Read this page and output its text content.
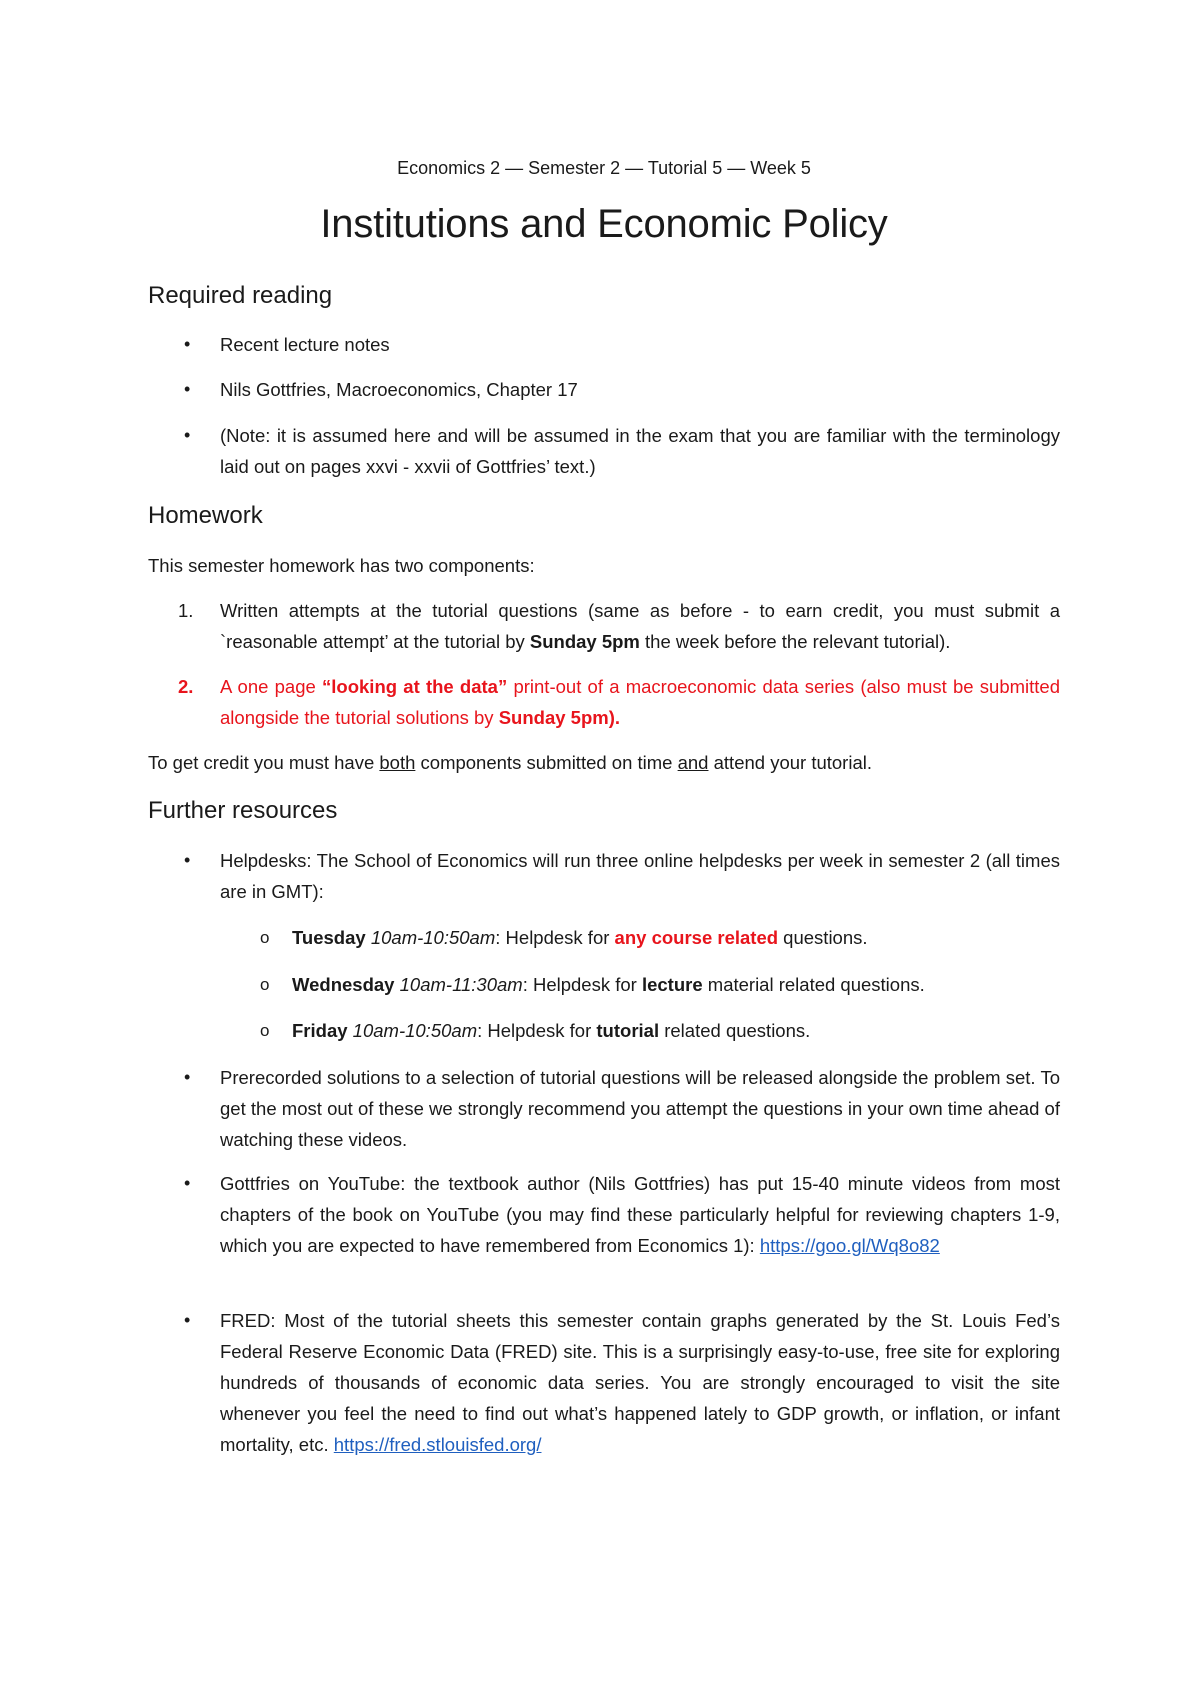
Economics 2 — Semester 2 — Tutorial 5 — Week 5
Institutions and Economic Policy
Required reading
• Recent lecture notes
• Nils Gottfries, Macroeconomics, Chapter 17
• (Note: it is assumed here and will be assumed in the exam that you are familiar with the terminology laid out on pages xxvi - xxvii of Gottfries’ text.)
Homework
This semester homework has two components:
1. Written attempts at the tutorial questions (same as before - to earn credit, you must submit a `reasonable attempt’ at the tutorial by Sunday 5pm the week before the relevant tutorial).
2. A one page “looking at the data” print-out of a macroeconomic data series (also must be submitted alongside the tutorial solutions by Sunday 5pm).
To get credit you must have both components submitted on time and attend your tutorial.
Further resources
• Helpdesks: The School of Economics will run three online helpdesks per week in semester 2 (all times are in GMT):
o Tuesday 10am-10:50am: Helpdesk for any course related questions.
o Wednesday 10am-11:30am: Helpdesk for lecture material related questions.
o Friday 10am-10:50am: Helpdesk for tutorial related questions.
• Prerecorded solutions to a selection of tutorial questions will be released alongside the problem set. To get the most out of these we strongly recommend you attempt the questions in your own time ahead of watching these videos.
• Gottfries on YouTube: the textbook author (Nils Gottfries) has put 15-40 minute videos from most chapters of the book on YouTube (you may find these particularly helpful for reviewing chapters 1-9, which you are expected to have remembered from Economics 1): https://goo.gl/Wq8o82
• FRED: Most of the tutorial sheets this semester contain graphs generated by the St. Louis Fed’s Federal Reserve Economic Data (FRED) site. This is a surprisingly easy-to-use, free site for exploring hundreds of thousands of economic data series. You are strongly encouraged to visit the site whenever you feel the need to find out what’s happened lately to GDP growth, or inflation, or infant mortality, etc. https://fred.stlouisfed.org/
